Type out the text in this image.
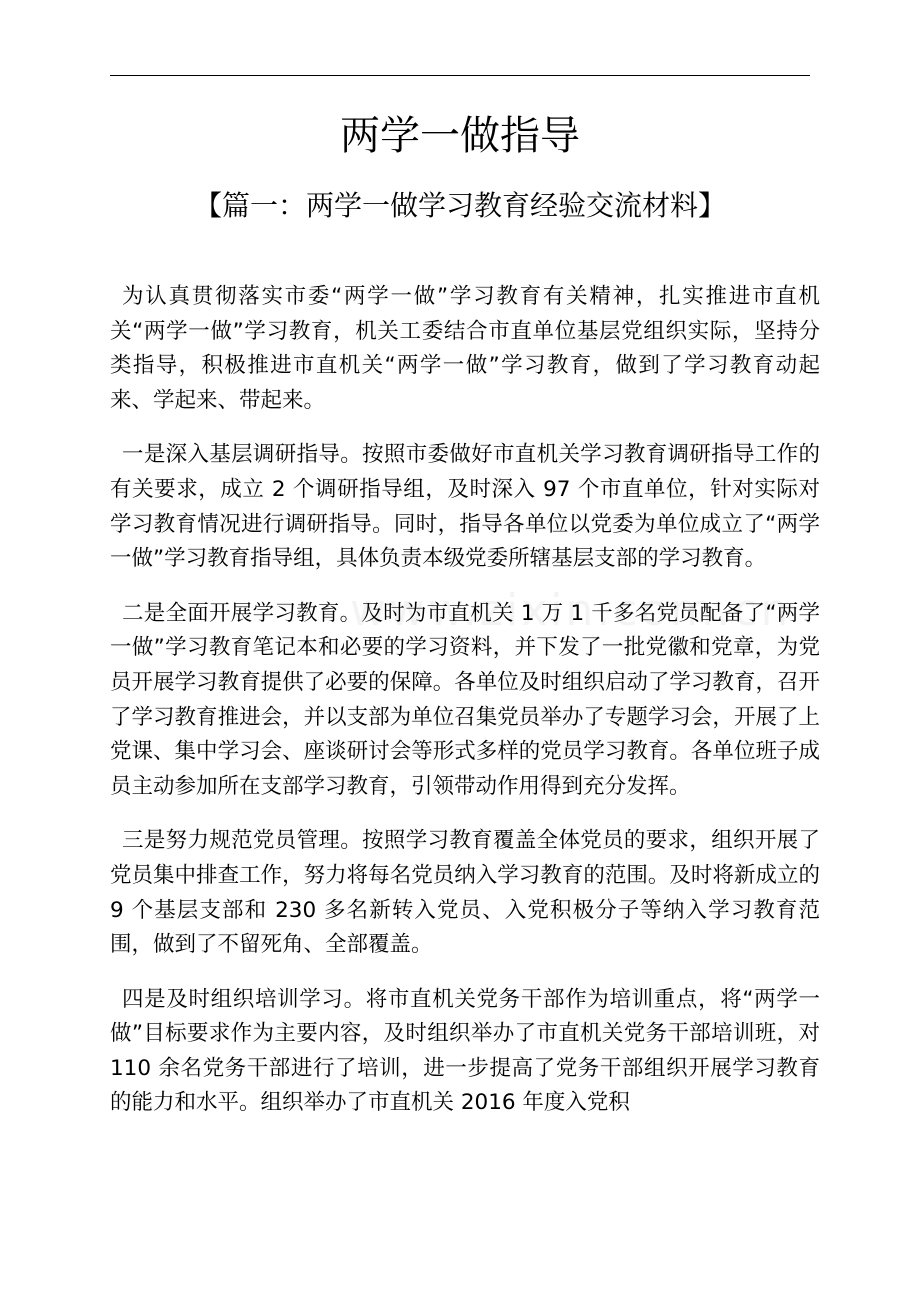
两学一做指导
【篇一：两学一做学习教育经验交流材料】

为认真贯彻落实市委“两学一做”学习教育有关精神，扎实推进市直机关“两学一做”学习教育，机关工委结合市直单位基层党组织实际，坚持分类指导，积极推进市直机关“两学一做”学习教育，做到了学习教育动起来、学起来、带起来。

一是深入基层调研指导。按照市委做好市直机关学习教育调研指导工作的有关要求，成立 2 个调研指导组，及时深入 97 个市直单位，针对实际对学习教育情况进行调研指导。同时，指导各单位以党委为单位成立了“两学一做”学习教育指导组，具体负责本级党委所辖基层支部的学习教育。

二是全面开展学习教育。及时为市直机关 1 万 1 千多名党员配备了“两学一做”学习教育笔记本和必要的学习资料，并下发了一批党徽和党章，为党员开展学习教育提供了必要的保障。各单位及时组织启动了学习教育，召开了学习教育推进会，并以支部为单位召集党员举办了专题学习会，开展了上党课、集中学习会、座谈研讨会等形式多样的党员学习教育。各单位班子成员主动参加所在支部学习教育，引领带动作用得到充分发挥。

三是努力规范党员管理。按照学习教育覆盖全体党员的要求，组织开展了党员集中排查工作，努力将每名党员纳入学习教育的范围。及时将新成立的 9 个基层支部和 230 多名新转入党员、入党积极分子等纳入学习教育范围，做到了不留死角、全部覆盖。

四是及时组织培训学习。将市直机关党务干部作为培训重点，将“两学一做”目标要求作为主要内容，及时组织举办了市直机关党务干部培训班，对 110 余名党务干部进行了培训，进一步提高了党务干部组织开展学习教育的能力和水平。组织举办了市直机关 2016 年度入党积
